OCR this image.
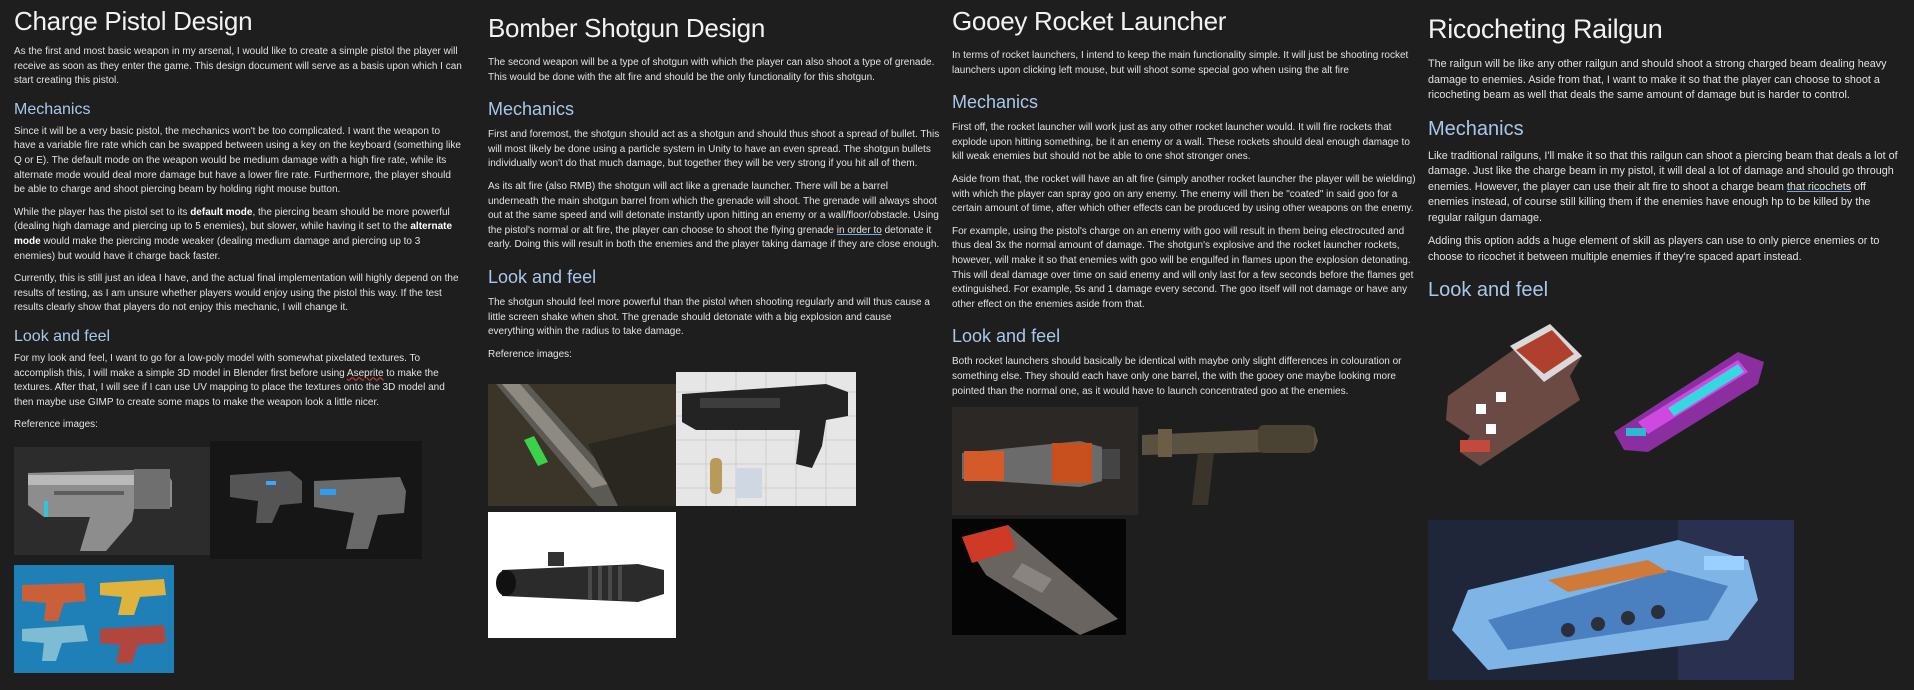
Charge Pistol Design

As the first and most basic weapon in my arsenal, I would like to create a simple pistol the player will receive as soon as they enter the game. This design document will serve as a basis upon which I can start creating this pistol.

Mechanics

Since it will be a very basic pistol, the mechanics won't be too complicated. I want the weapon to have a variable fire rate which can be swapped between using a key on the keyboard (something like Q or E). The default mode on the weapon would be medium damage with a high fire rate, while its alternate mode would deal more damage but have a lower fire rate. Furthermore, the player should be able to charge and shoot piercing beam by holding right mouse button.

While the player has the pistol set to its default mode, the piercing beam should be more powerful (dealing high damage and piercing up to 5 enemies), but slower, while having it set to the alternate mode would make the piercing mode weaker (dealing medium damage and piercing up to 3 enemies) but would have it charge back faster.

Currently, this is still just an idea I have, and the actual final implementation will highly depend on the results of testing, as I am unsure whether players would enjoy using the pistol this way. If the test results clearly show that players do not enjoy this mechanic, I will change it.

Look and feel

For my look and feel, I want to go for a low-poly model with somewhat pixelated textures. To accomplish this, I will make a simple 3D model in Blender first before using Aseprite to make the textures. After that, I will see if I can use UV mapping to place the textures onto the 3D model and then maybe use GIMP to create some maps to make the weapon look a little nicer.

Reference images:

Bomber Shotgun Design

The second weapon will be a type of shotgun with which the player can also shoot a type of grenade. This would be done with the alt fire and should be the only functionality for this shotgun.

Mechanics

First and foremost, the shotgun should act as a shotgun and should thus shoot a spread of bullet. This will most likely be done using a particle system in Unity to have an even spread. The shotgun bullets individually won't do that much damage, but together they will be very strong if you hit all of them.

As its alt fire (also RMB) the shotgun will act like a grenade launcher. There will be a barrel underneath the main shotgun barrel from which the grenade will shoot. The grenade will always shoot out at the same speed and will detonate instantly upon hitting an enemy or a wall/floor/obstacle. Using the pistol's normal or alt fire, the player can choose to shoot the flying grenade in order to detonate it early. Doing this will result in both the enemies and the player taking damage if they are close enough.

Look and feel

The shotgun should feel more powerful than the pistol when shooting regularly and will thus cause a little screen shake when shot. The grenade should detonate with a big explosion and cause everything within the radius to take damage.

Reference images:

Gooey Rocket Launcher

In terms of rocket launchers, I intend to keep the main functionality simple. It will just be shooting rocket launchers upon clicking left mouse, but will shoot some special goo when using the alt fire

Mechanics

First off, the rocket launcher will work just as any other rocket launcher would. It will fire rockets that explode upon hitting something, be it an enemy or a wall. These rockets should deal enough damage to kill weak enemies but should not be able to one shot stronger ones.

Aside from that, the rocket will have an alt fire (simply another rocket launcher the player will be wielding) with which the player can spray goo on any enemy. The enemy will then be "coated" in said goo for a certain amount of time, after which other effects can be produced by using other weapons on the enemy.

For example, using the pistol's charge on an enemy with goo will result in them being electrocuted and thus deal 3x the normal amount of damage. The shotgun's explosive and the rocket launcher rockets, however, will make it so that enemies with goo will be engulfed in flames upon the explosion detonating. This will deal damage over time on said enemy and will only last for a few seconds before the flames get extinguished. For example, 5s and 1 damage every second. The goo itself will not damage or have any other effect on the enemies aside from that.

Look and feel

Both rocket launchers should basically be identical with maybe only slight differences in colouration or something else. They should each have only one barrel, the with the gooey one maybe looking more pointed than the normal one, as it would have to launch concentrated goo at the enemies.

Ricocheting Railgun

The railgun will be like any other railgun and should shoot a strong charged beam dealing heavy damage to enemies. Aside from that, I want to make it so that the player can choose to shoot a ricocheting beam as well that deals the same amount of damage but is harder to control.

Mechanics

Like traditional railguns, I'll make it so that this railgun can shoot a piercing beam that deals a lot of damage. Just like the charge beam in my pistol, it will deal a lot of damage and should go through enemies. However, the player can use their alt fire to shoot a charge beam that ricochets off enemies instead, of course still killing them if the enemies have enough hp to be killed by the regular railgun damage.

Adding this option adds a huge element of skill as players can use to only pierce enemies or to choose to ricochet it between multiple enemies if they're spaced apart instead.

Look and feel
